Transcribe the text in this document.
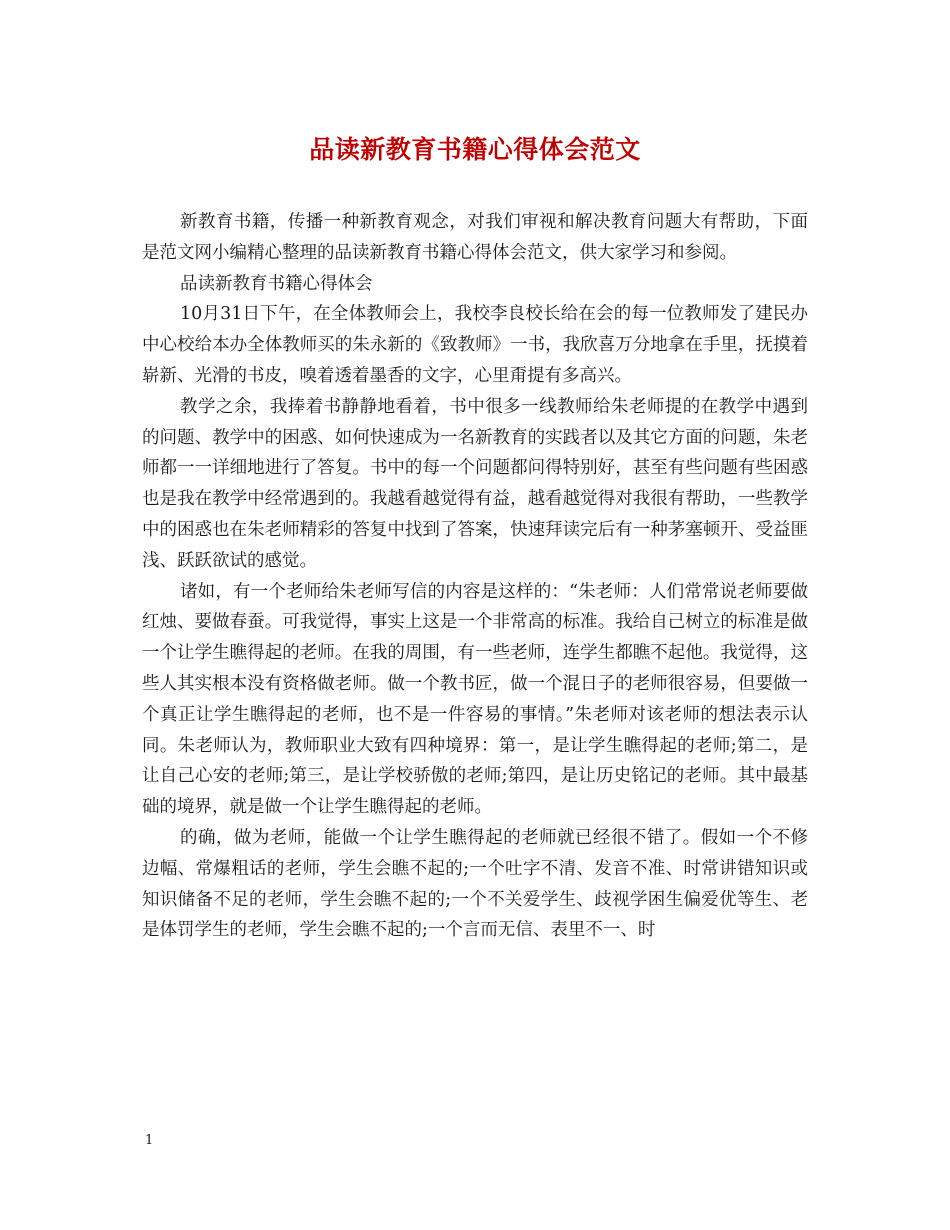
品读新教育书籍心得体会范文

新教育书籍，传播一种新教育观念，对我们审视和解决教育问题大有帮助，下面是范文网小编精心整理的品读新教育书籍心得体会范文，供大家学习和参阅。

品读新教育书籍心得体会

10月31日下午，在全体教师会上，我校李良校长给在会的每一位教师发了建民办中心校给本办全体教师买的朱永新的《致教师》一书，我欣喜万分地拿在手里，抚摸着崭新、光滑的书皮，嗅着透着墨香的文字，心里甭提有多高兴。

教学之余，我捧着书静静地看着，书中很多一线教师给朱老师提的在教学中遇到的问题、教学中的困惑、如何快速成为一名新教育的实践者以及其它方面的问题，朱老师都一一详细地进行了答复。书中的每一个问题都问得特别好，甚至有些问题有些困惑也是我在教学中经常遇到的。我越看越觉得有益，越看越觉得对我很有帮助，一些教学中的困惑也在朱老师精彩的答复中找到了答案，快速拜读完后有一种茅塞顿开、受益匪浅、跃跃欲试的感觉。

诸如，有一个老师给朱老师写信的内容是这样的：“朱老师：人们常常说老师要做红烛、要做春蚕。可我觉得，事实上这是一个非常高的标准。我给自己树立的标准是做一个让学生瞧得起的老师。在我的周围，有一些老师，连学生都瞧不起他。我觉得，这些人其实根本没有资格做老师。做一个教书匠，做一个混日子的老师很容易，但要做一个真正让学生瞧得起的老师，也不是一件容易的事情。”朱老师对该老师的想法表示认同。朱老师认为，教师职业大致有四种境界：第一，是让学生瞧得起的老师;第二，是让自己心安的老师;第三，是让学校骄傲的老师;第四，是让历史铭记的老师。其中最基础的境界，就是做一个让学生瞧得起的老师。

的确，做为老师，能做一个让学生瞧得起的老师就已经很不错了。假如一个不修边幅、常爆粗话的老师，学生会瞧不起的;一个吐字不清、发音不准、时常讲错知识或知识储备不足的老师，学生会瞧不起的;一个不关爱学生、歧视学困生偏爱优等生、老是体罚学生的老师，学生会瞧不起的;一个言而无信、表里不一、时

1
